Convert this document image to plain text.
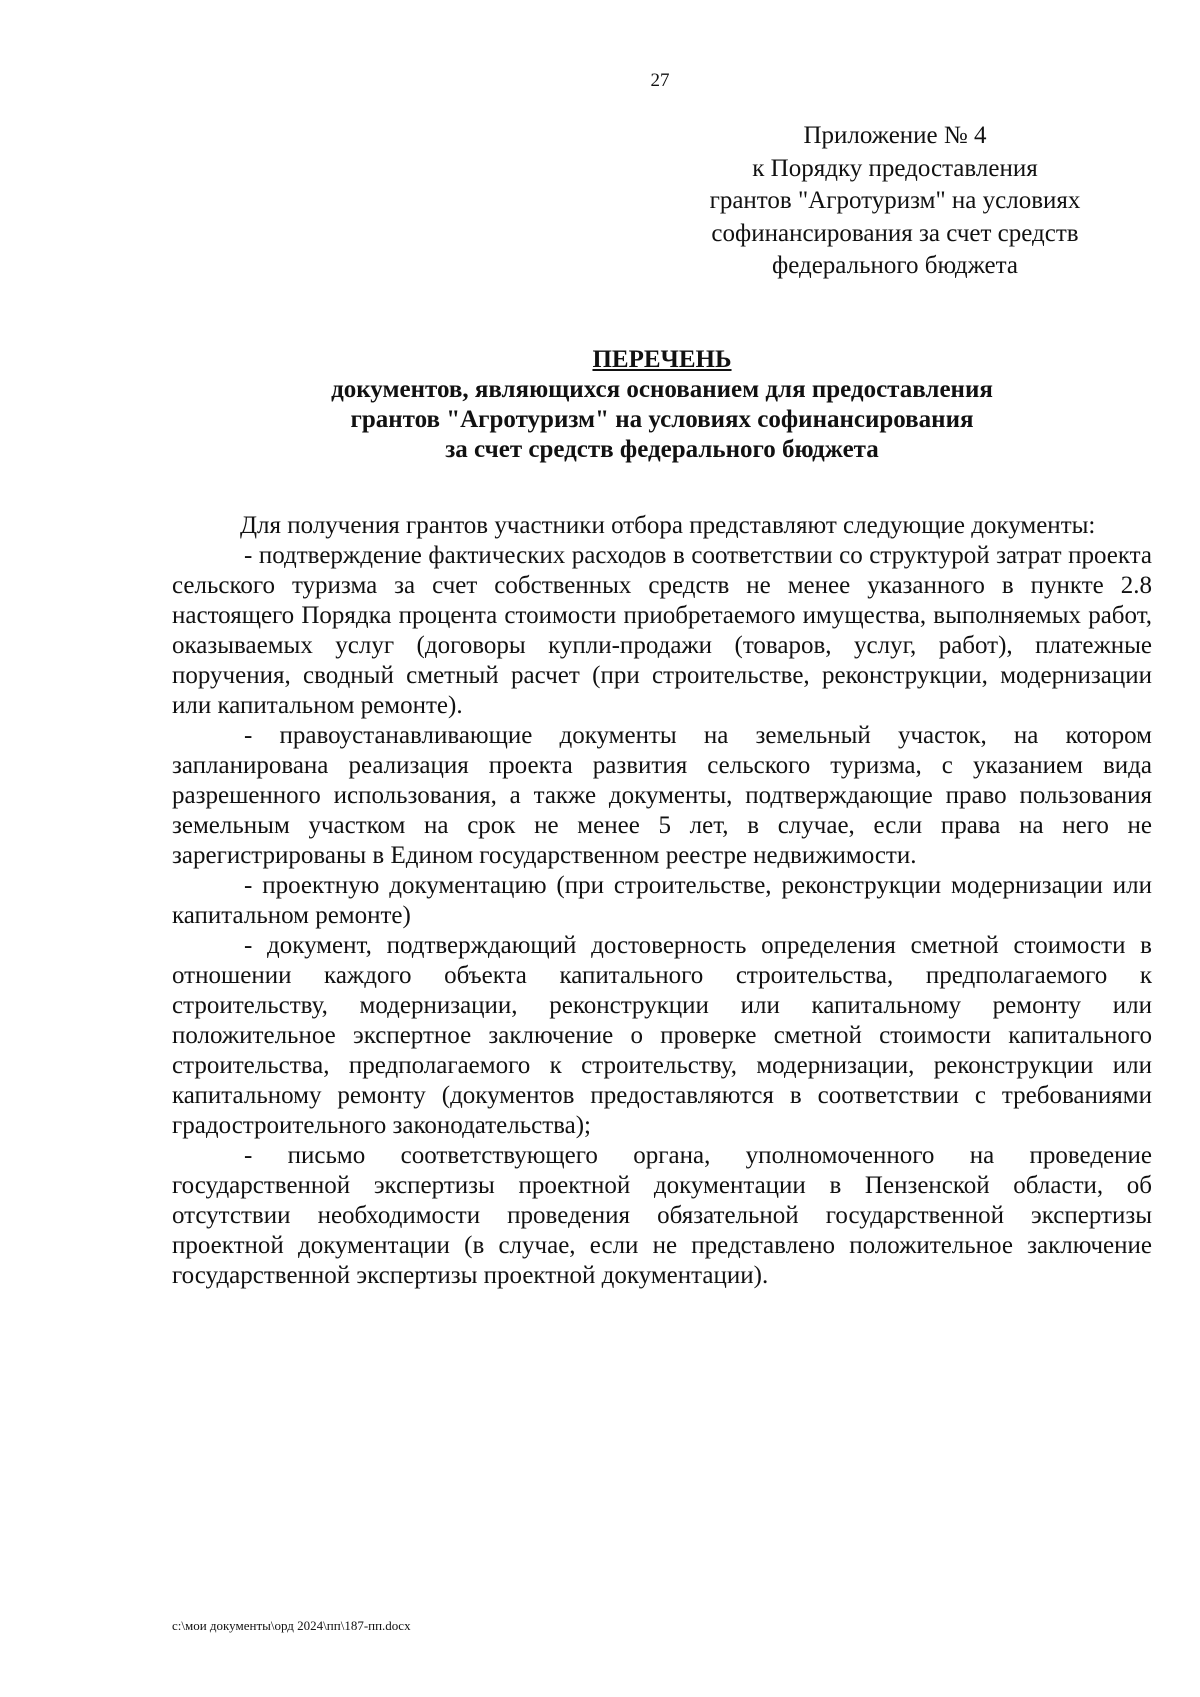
27
Приложение № 4
к Порядку предоставления
грантов "Агротуризм" на условиях
софинансирования за счет средств
федерального бюджета
ПЕРЕЧЕНЬ
документов, являющихся основанием для предоставления
грантов "Агротуризм" на условиях софинансирования
за счет средств федерального бюджета

Для получения грантов участники отбора представляют следующие документы:

- подтверждение фактических расходов в соответствии со структурой затрат проекта сельского туризма за счет собственных средств не менее указанного в пункте 2.8 настоящего Порядка процента стоимости приобретаемого имущества, выполняемых работ, оказываемых услуг (договоры купли-продажи (товаров, услуг, работ), платежные поручения, сводный сметный расчет (при строительстве, реконструкции, модернизации или капитальном ремонте).

- правоустанавливающие документы на земельный участок, на котором запланирована реализация проекта развития сельского туризма, с указанием вида разрешенного использования, а также документы, подтверждающие право пользования земельным участком на срок не менее 5 лет, в случае, если права на него не зарегистрированы в Едином государственном реестре недвижимости.

- проектную документацию (при строительстве, реконструкции модернизации или капитальном ремонте)

- документ, подтверждающий достоверность определения сметной стоимости в отношении каждого объекта капитального строительства, предполагаемого к строительству, модернизации, реконструкции или капитальному ремонту или положительное экспертное заключение о проверке сметной стоимости капитального строительства, предполагаемого к строительству, модернизации, реконструкции или капитальному ремонту (документов предоставляются в соответствии с требованиями градостроительного законодательства);

- письмо соответствующего органа, уполномоченного на проведение государственной экспертизы проектной документации в Пензенской области, об отсутствии необходимости проведения обязательной государственной экспертизы проектной документации (в случае, если не представлено положительное заключение государственной экспертизы проектной документации).

c:\мои документы\орд 2024\пп\187-пп.docx
